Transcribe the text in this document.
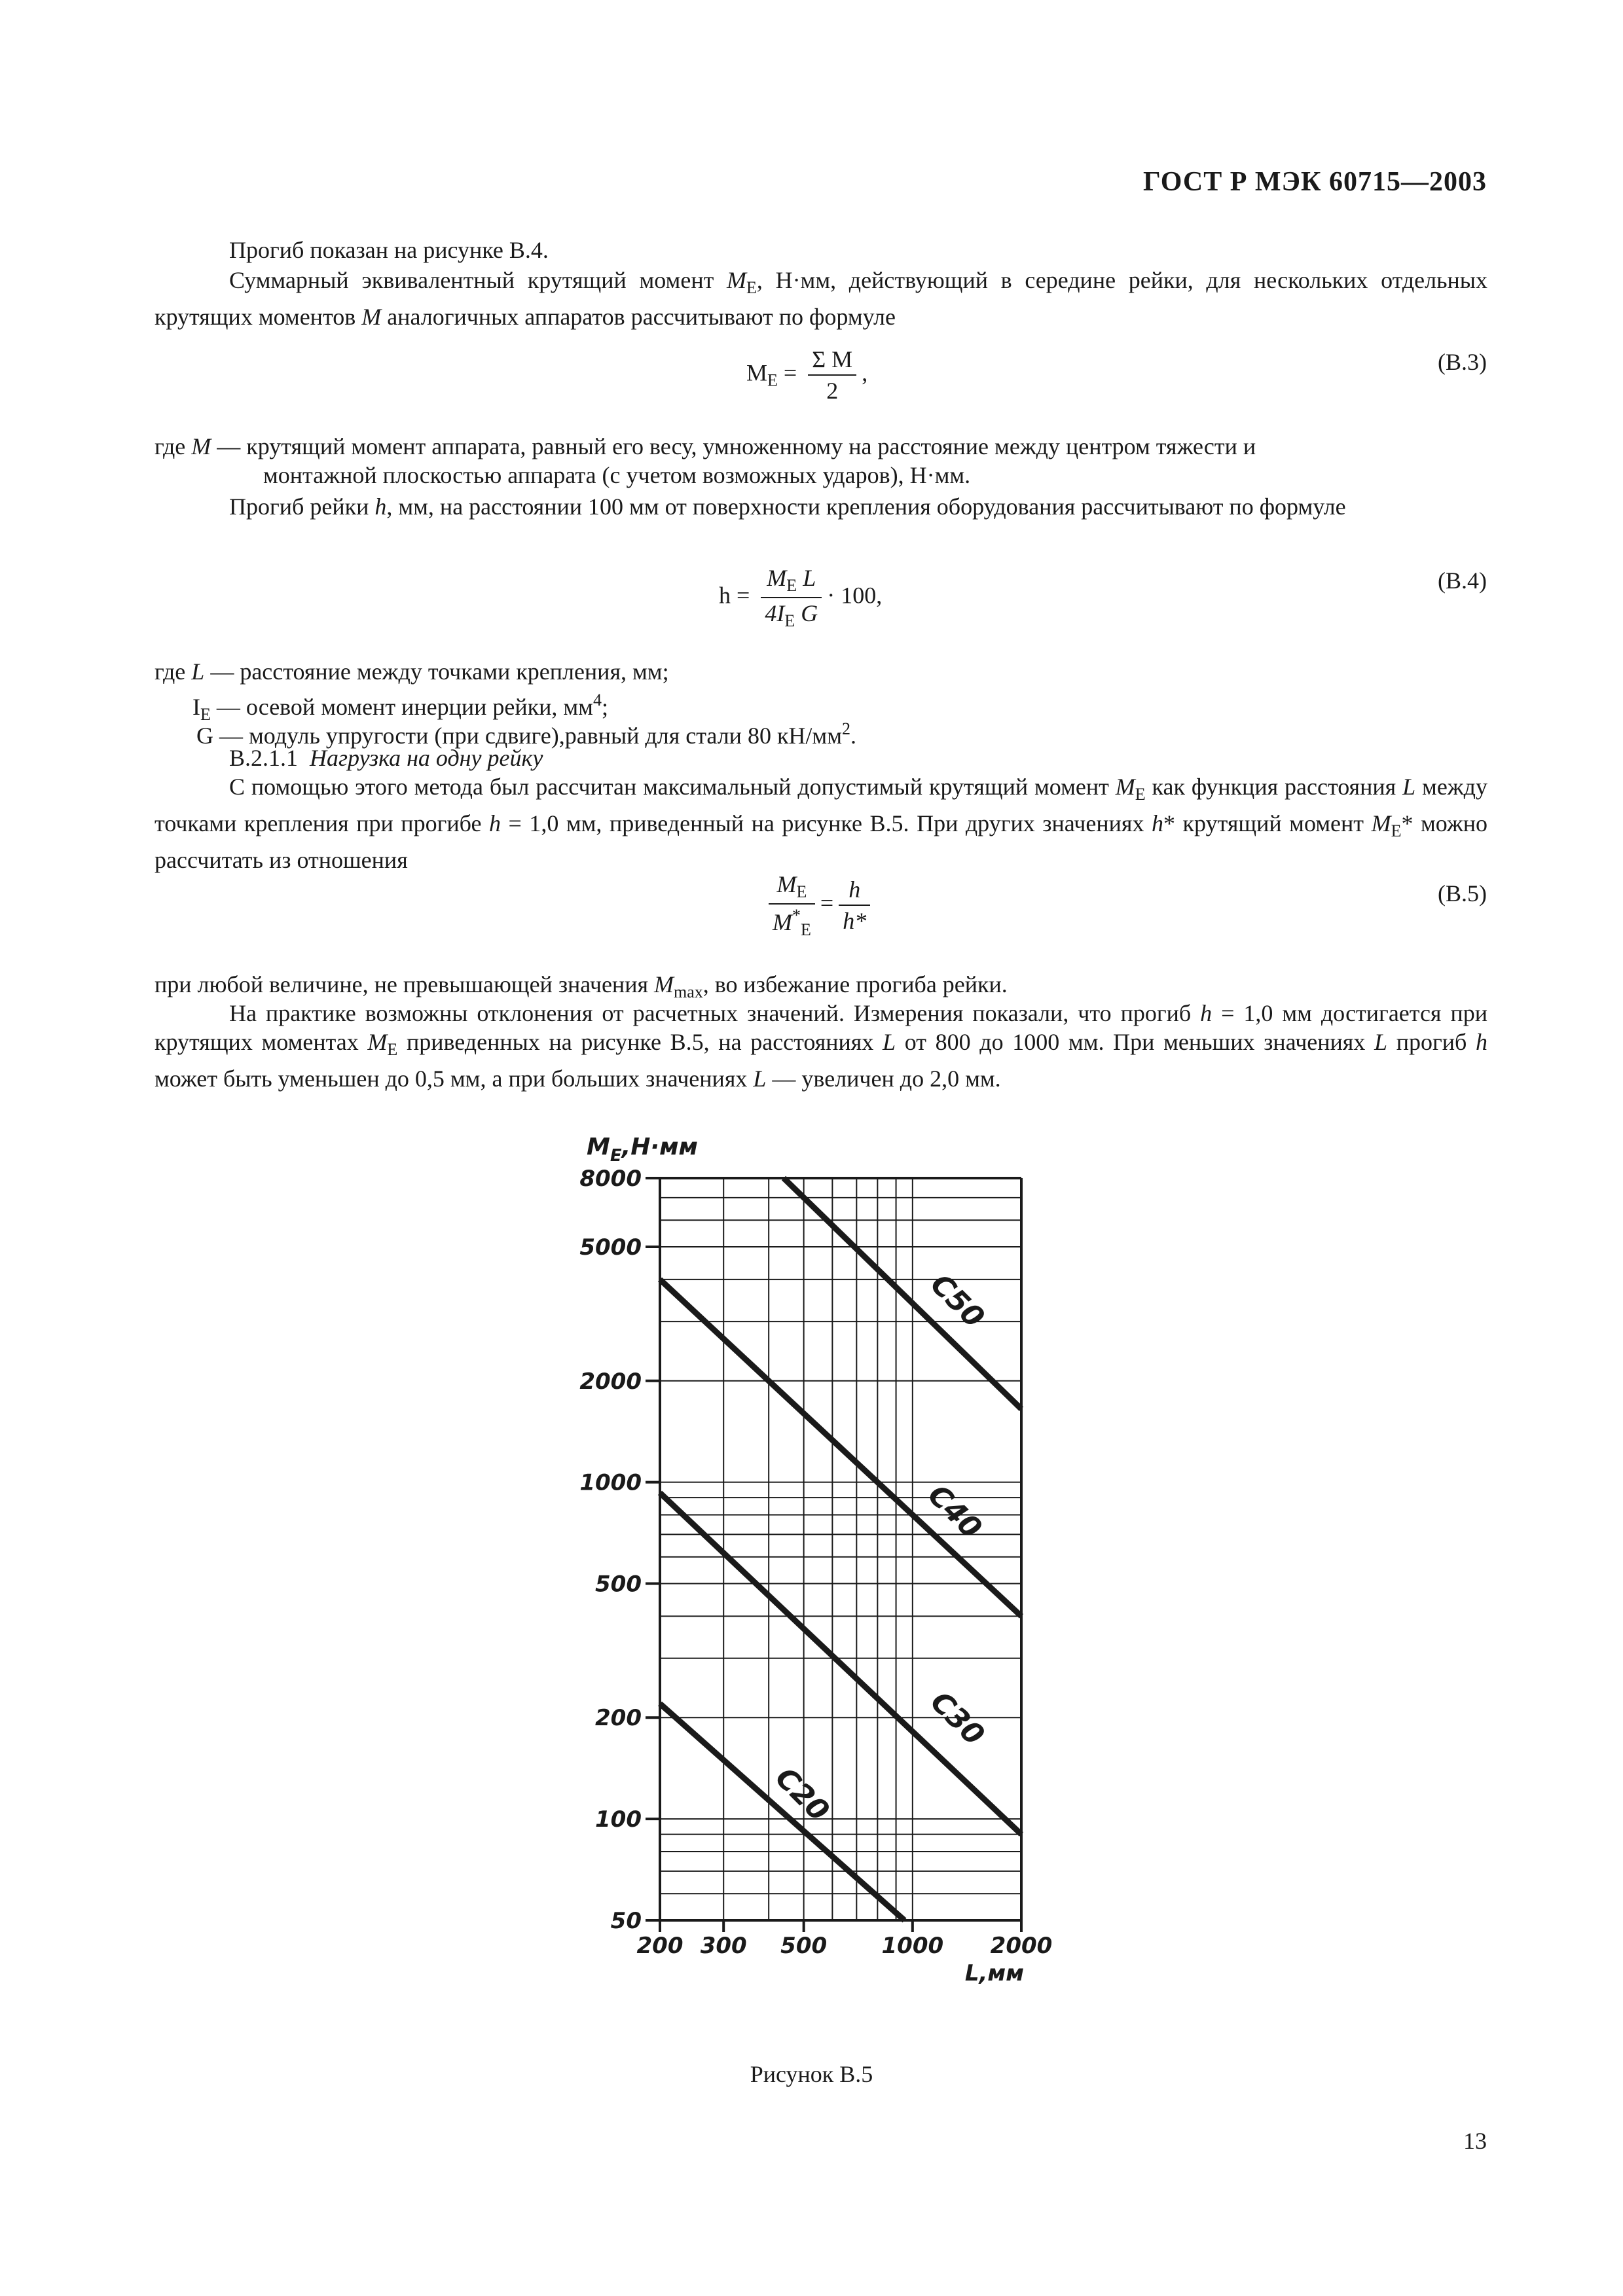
ГОСТ Р МЭК 60715—2003
Прогиб показан на рисунке В.4.
Суммарный эквивалентный крутящий момент $M_E$, Н·мм, действующий в середине рейки, для нескольких отдельных крутящих моментов M аналогичных аппаратов рассчитывают по формуле
$M_E = \frac{\text{Σ M}}{2}$ ,	(В.3)
где M — крутящий момент аппарата, равный его весу, умноженному на расстояние между центром тяжести и
монтажной плоскостью аппарата (с учетом возможных ударов), Н·мм.
Прогиб рейки h, мм, на расстоянии 100 мм от поверхности крепления оборудования рассчитывают по формуле
$h = \frac{M_E L}{4I_E G} \cdot 100$,
(В.4)
где L — расстояние между точками крепления, мм;
$I_E$ — осевой момент инерции рейки, $мм^4$;
G — модуль упругости (при сдвиге),равный для стали 80 $кН/мм^2$.
В.2.1.1 Нагрузка на одну рейку
С помощью этого метода был рассчитан максимальный допустимый крутящий момент $M_E$ как функция расстояния L между точками крепления при прогибе h = 1,0 мм, приведенный на рисунке В.5. При других значениях h* крутящий момент $M_E*$ можно рассчитать из отношения
$\frac{M_E}{M^*_E} = \frac{h}{h*}$	(В.5)
при любой величине, не превышающей значения $M_{max}$, во избежание прогиба рейки.
На практике возможны отклонения от расчетных значений. Измерения показали, что прогиб h = 1,0 мм достигается при крутящих моментах $M_E$ приведенных на рисунке В.5, на расстояниях L от 800 до 1000 мм. При меньших значениях L прогиб h может быть уменьшен до 0,5 мм, а при больших значениях L — увеличен до 2,0 мм.
50
100
200
500
1000
2000
5000
8000
200 300 500 1000 2000
$M_E,Н\cdot мм$
L,мм
С20
С30
С40
С50
Рисунок В.5
13
